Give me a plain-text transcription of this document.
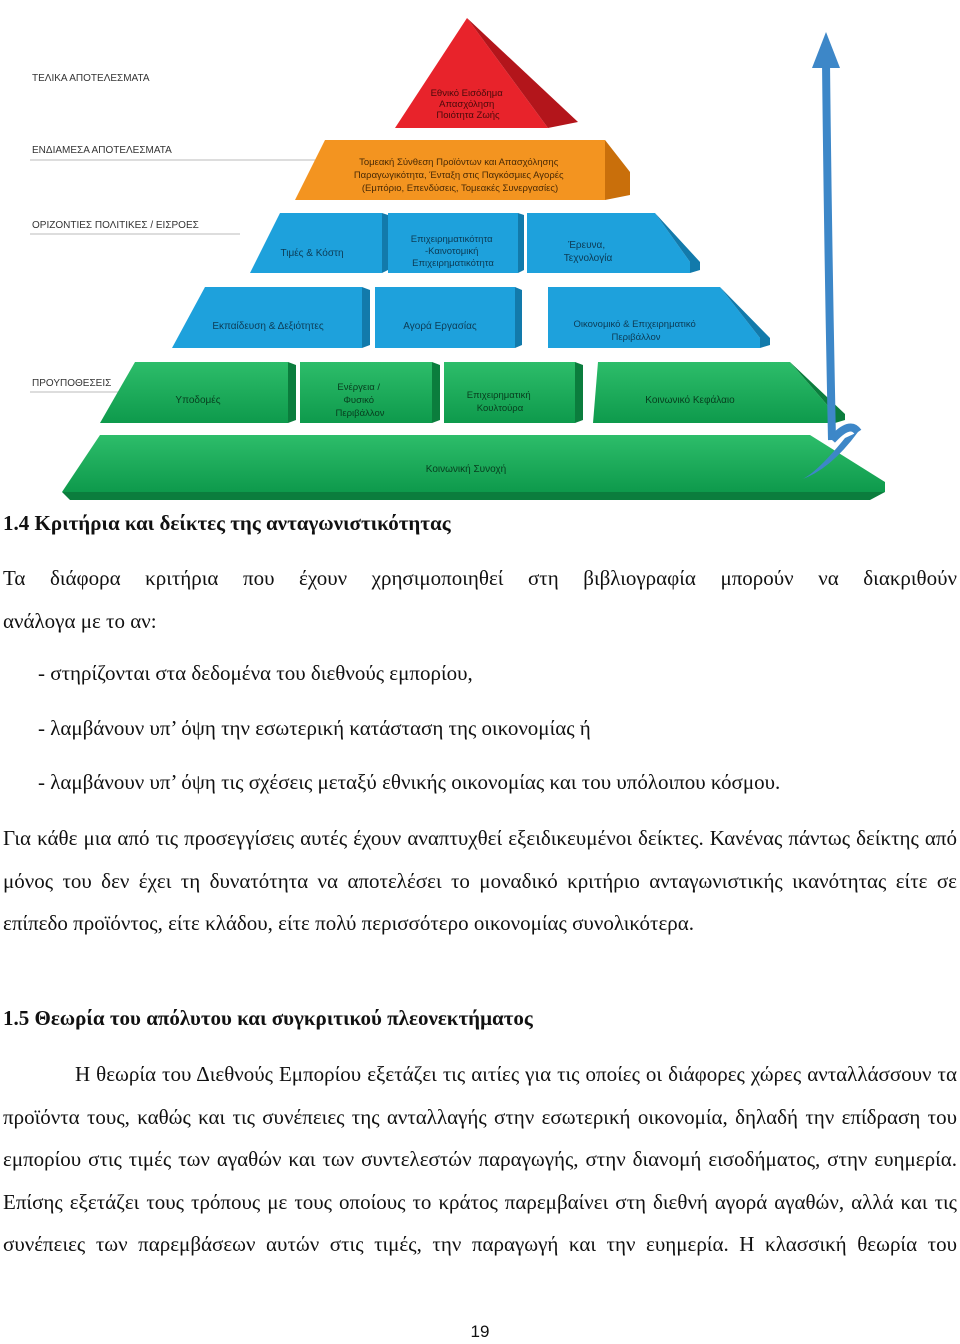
ΤΕΛΙΚΑ ΑΠΟΤΕΛΕΣΜΑΤΑ
ΕΝΔΙΑΜΕΣΑ ΑΠΟΤΕΛΕΣΜΑΤΑ
ΟΡΙΖΟΝΤΙΕΣ ΠΟΛΙΤΙΚΕΣ / ΕΙΣΡΟΕΣ
ΠΡΟΥΠΟΘΕΣΕΙΣ
Εθνικό Εισόδημα Απασχόληση Ποιότητα Ζωής
Τομεακή Σύνθεση Προϊόντων και Απασχόλησης Παραγωγικότητα, Ένταξη στις Παγκόσμιες Αγορές (Εμπόριο, Επενδύσεις, Τομεακές Συνεργασίες)
Τιμές & Κόστη
Επιχειρηματικότητα -Καινοτομική Επιχειρηματικότητα
Έρευνα, Τεχνολογία
Εκπαίδευση & Δεξιότητες	Αγορά Εργασίας	Οικονομικό & Επιχειρηματικό Περιβάλλον
Υποδομές
Ενέργεια / Φυσικό Περιβάλλον
Επιχειρηματική Κουλτούρα
Κοινωνικό Κεφάλαιο
Κοινωνική Συνοχή
1.4 Κριτήρια και δείκτες της ανταγωνιστικότητας

Τα διάφορα κριτήρια που έχουν χρησιμοποιηθεί στη βιβλιογραφία μπορούν να διακριθούν

ανάλογα με το αν:

- στηρίζονται στα δεδομένα του διεθνούς εμπορίου,
- λαμβάνουν υπ’ όψη την εσωτερική κατάσταση της οικονομίας ή
- λαμβάνουν υπ’ όψη τις σχέσεις μεταξύ εθνικής οικονομίας και του υπόλοιπου κόσμου.

Για κάθε μια από τις προσεγγίσεις αυτές έχουν αναπτυχθεί εξειδικευμένοι δείκτες. Κανένας πάντως δείκτης από μόνος του δεν έχει τη δυνατότητα να αποτελέσει το μοναδικό κριτήριο ανταγωνιστικής ικανότητας είτε σε επίπεδο προϊόντος, είτε κλάδου, είτε πολύ περισσότερο οικονομίας συνολικότερα.

1.5 Θεωρία του απόλυτου και συγκριτικού πλεονεκτήματος

Η θεωρία του Διεθνούς Εμπορίου εξετάζει τις αιτίες για τις οποίες οι διάφορες χώρες ανταλλάσσουν τα προϊόντα τους, καθώς και τις συνέπειες της ανταλλαγής στην εσωτερική οικονομία, δηλαδή την επίδραση του εμπορίου στις τιμές των αγαθών και των συντελεστών παραγωγής, στην διανομή εισοδήματος, στην ευημερία. Επίσης εξετάζει τους τρόπους με τους οποίους το κράτος παρεμβαίνει στη διεθνή αγορά αγαθών, αλλά και τις συνέπειες των παρεμβάσεων αυτών στις τιμές, την παραγωγή και την ευημερία. Η κλασσική θεωρία του

19
